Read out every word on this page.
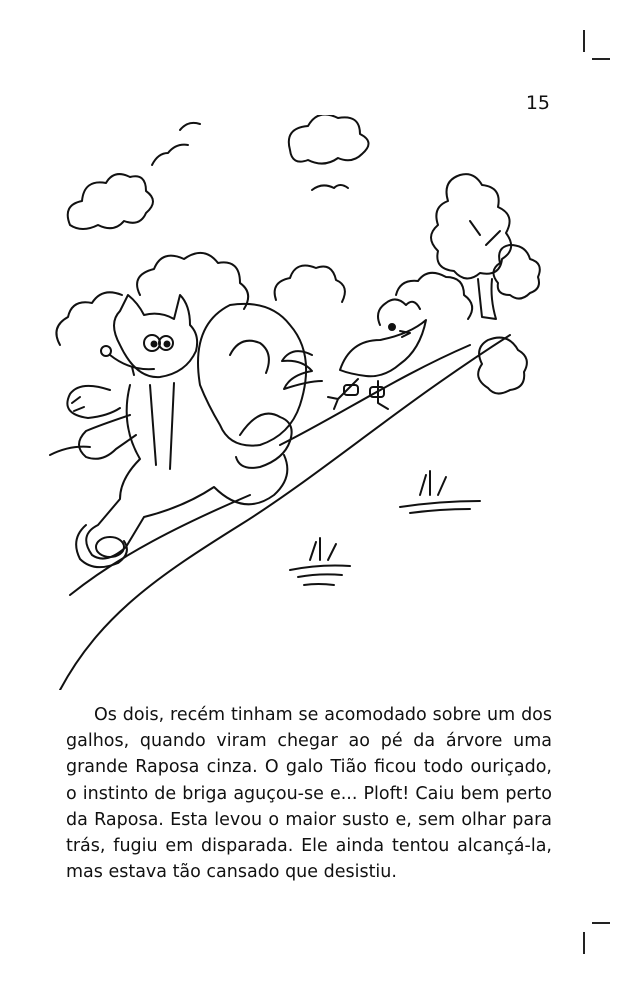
15

Os dois, recém tinham se acomodado sobre um dos galhos, quando viram chegar ao pé da árvore uma grande Raposa cinza. O galo Tião ficou todo ouriçado, o instinto de briga aguçou-se e... Ploft! Caiu bem perto da Raposa. Esta levou o maior susto e, sem olhar para trás, fugiu em disparada. Ele ainda tentou alcançá-la, mas estava tão cansado que desistiu.
